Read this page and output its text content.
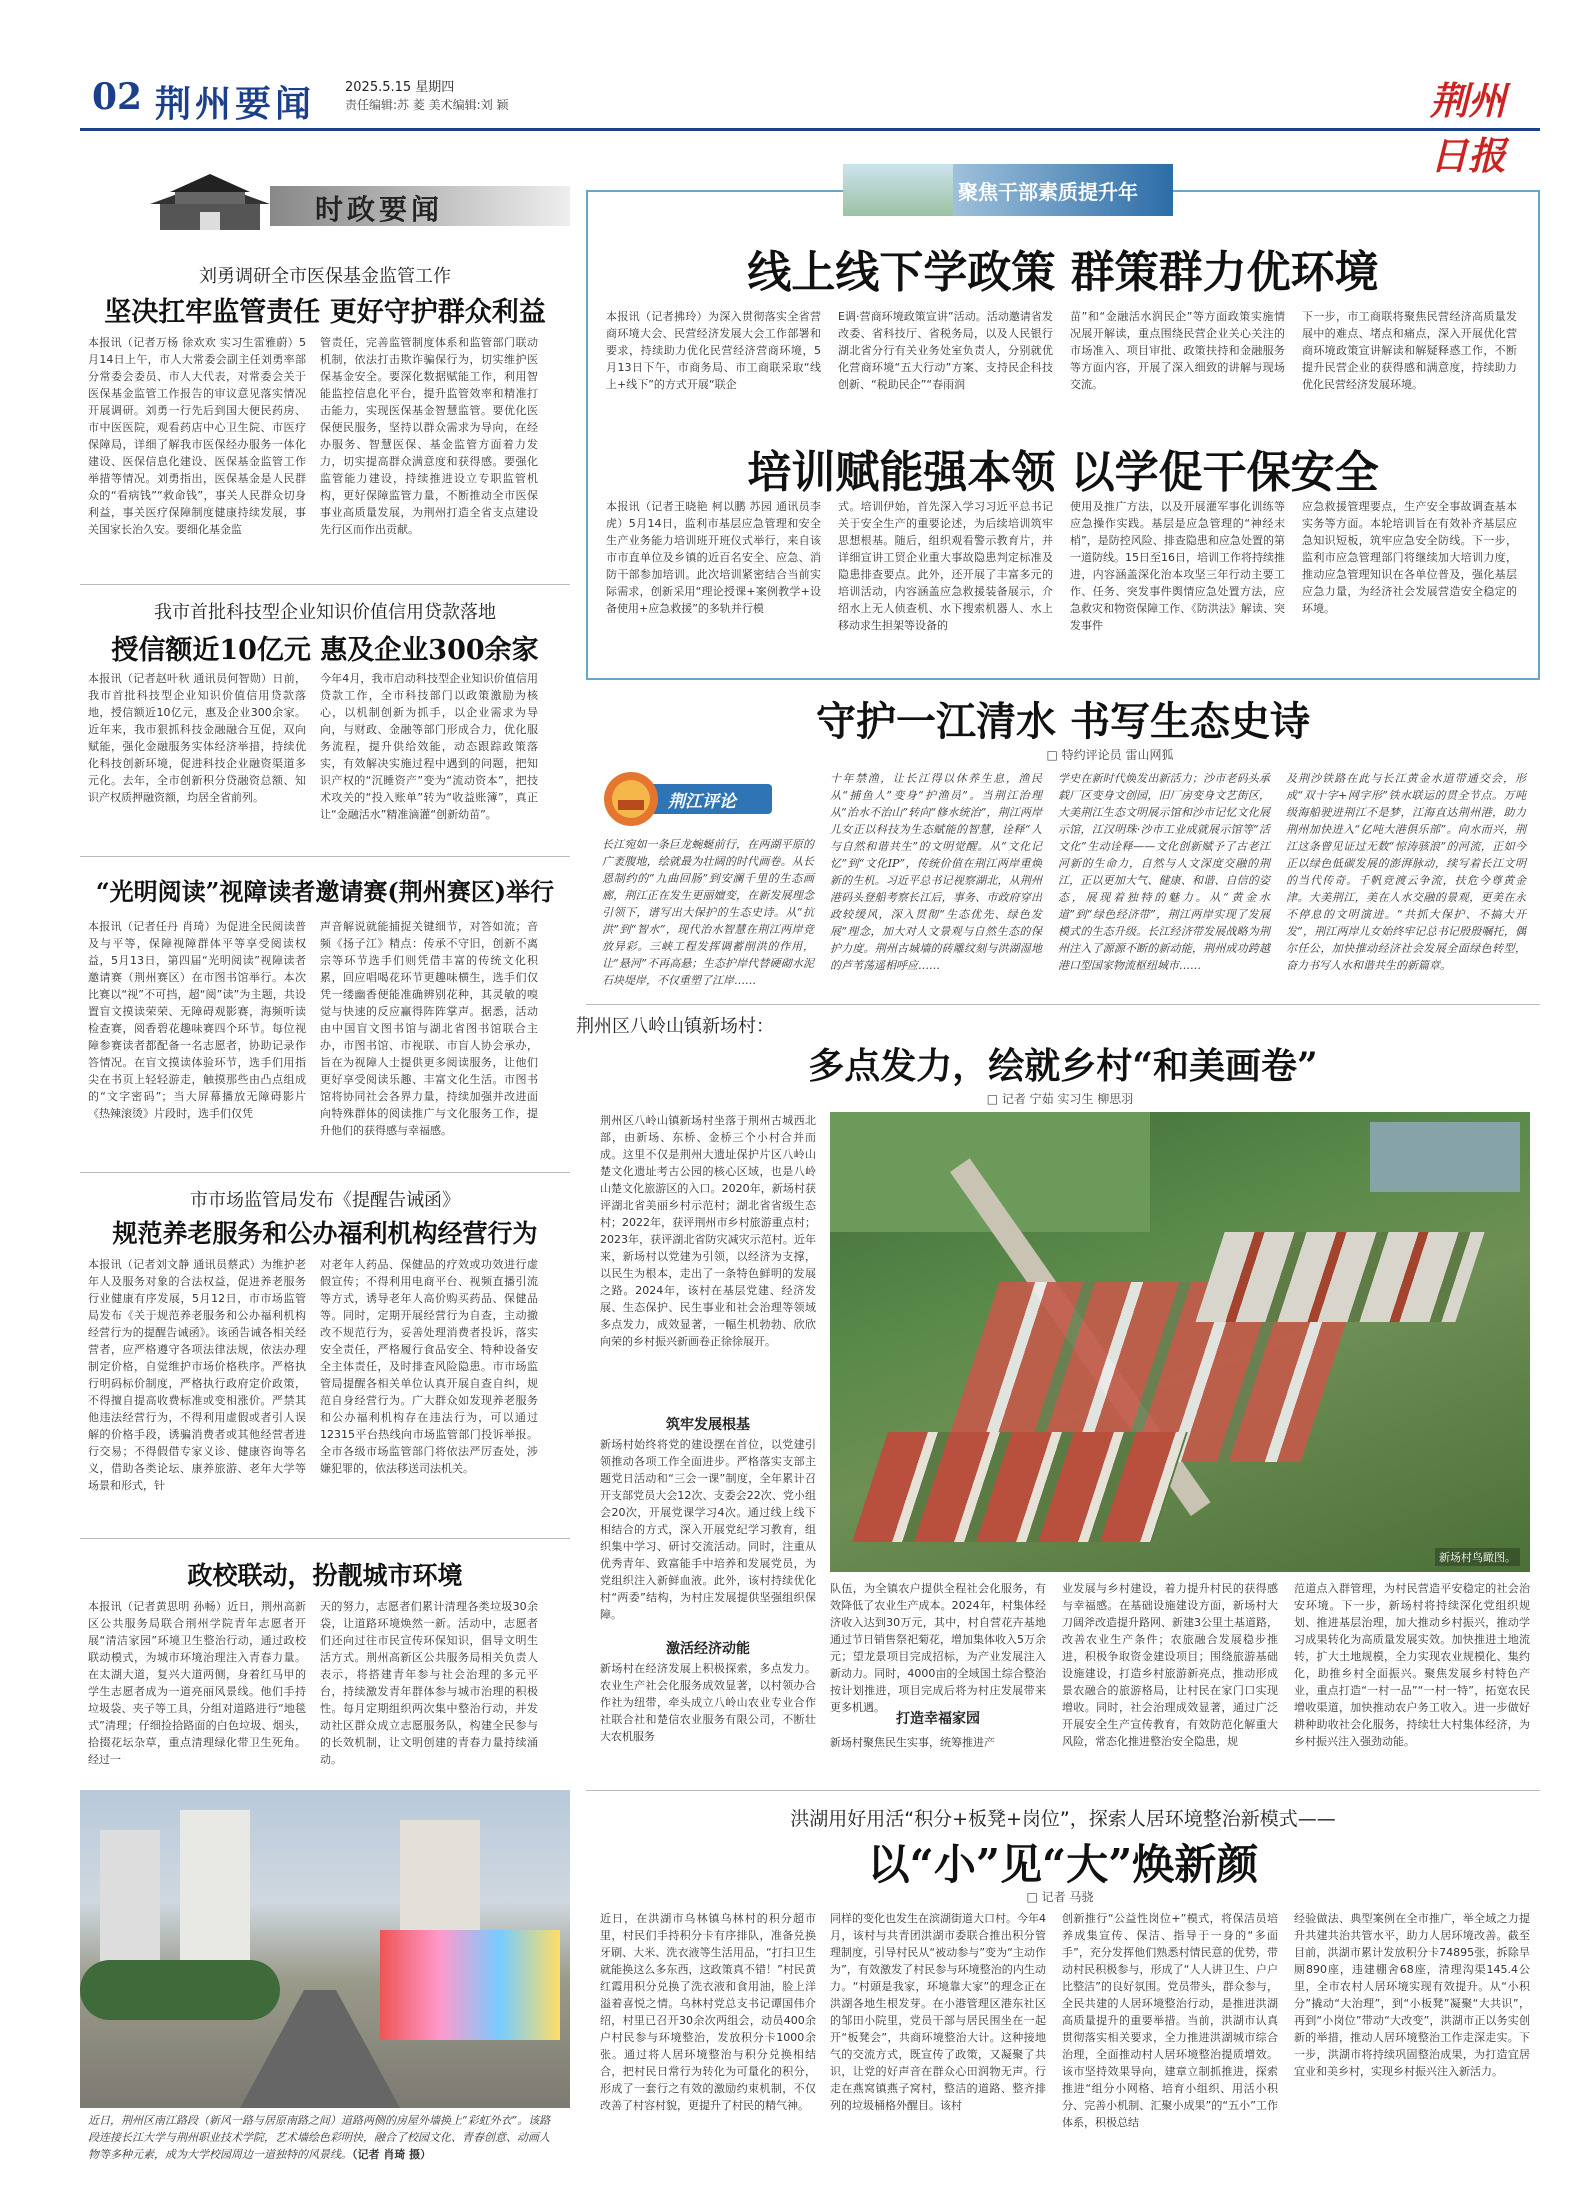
02 荆州要闻 2025.5.15 星期四
责任编辑:苏 菱 美术编辑:刘 颖	荆州日报
时政要闻
刘勇调研全市医保基金监管工作
坚决扛牢监管责任 更好守护群众利益
本报讯（记者万杨 徐欢欢 实习生雷雅蔚）5月14日上午，市人大常委会副主任刘勇率部分常委会委员、市人大代表，对常委会关于医保基金监管工作报告的审议意见落实情况开展调研。刘勇一行先后到国大便民药房、市中医医院，观看药店中心卫生院、市医疗保障局，详细了解我市医保经办服务一体化建设、医保信息化建设、医保基金监管工作举措等情况。刘勇指出，医保基金是人民群众的“看病钱”“救命钱”，事关人民群众切身利益，事关医疗保障制度健康持续发展，事关国家长治久安。要细化基金监
管责任，完善监管制度体系和监管部门联动机制，依法打击欺诈骗保行为，切实维护医保基金安全。要深化数据赋能工作，利用智能监控信息化平台，提升监管效率和精准打击能力，实现医保基金智慧监管。要优化医保便民服务，坚持以群众需求为导向，在经办服务、智慧医保、基金监管方面着力发力，切实提高群众满意度和获得感。要强化监管能力建设，持续推进设立专职监管机构，更好保障监管力量，不断推动全市医保事业高质量发展，为荆州打造全省支点建设先行区而作出贡献。
我市首批科技型企业知识价值信用贷款落地
授信额近10亿元 惠及企业300余家
本报讯（记者赵叶秋 通讯员何智勋）日前，我市首批科技型企业知识价值信用贷款落地，授信额近10亿元，惠及企业300余家。近年来，我市狠抓科技金融融合互促，双向赋能，强化金融服务实体经济举措，持续优化科技创新环境，促进科技企业融资渠道多元化。去年，全市创新积分贷融资总额、知识产权质押融资额，均居全省前列。
今年4月，我市启动科技型企业知识价值信用贷款工作，全市科技部门以政策激励为核心，以机制创新为抓手，以企业需求为导向，与财政、金融等部门形成合力，优化服务流程，提升供给效能，动态跟踪政策落实，有效解决实施过程中遇到的问题，把知识产权的“沉睡资产”变为“流动资本”，把技术攻关的“投入账单”转为“收益账簿”，真正让“金融活水”精准滴灌“创新幼苗”。
“光明阅读”视障读者邀请赛(荆州赛区)举行
本报讯（记者任丹 肖琦）为促进全民阅读普及与平等，保障视障群体平等享受阅读权益，5月13日，第四届“光明阅读”视障读者邀请赛（荆州赛区）在市图书馆举行。本次比赛以“视”不可挡，超“阅”读”为主题，共设置盲文摸读荣荣、无障碍观影赛，海频听读检查赛，阅香碧花趣味赛四个环节。每位视障参赛读者都配备一名志愿者，协助记录作答情况。在盲文摸读体验环节，选手们用指尖在书页上轻轻游走，触摸那些由凸点组成的“文字密码”；当大屏幕播放无障碍影片《热辣滚烫》片段时，选手们仅凭
声音解说就能捕捉关键细节，对答如流；音频《扬子江》精点：传承不守旧，创新不离宗等环节选手们则凭借丰富的传统文化积累，回应唱喝花环节更趣味横生，选手们仅凭一缕幽香便能准确辨别花种，其灵敏的嗅觉与快速的反应赢得阵阵掌声。据悉，活动由中国盲文图书馆与湖北省图书馆联合主办，市图书馆、市视联、市盲人协会承办，旨在为视障人士提供更多阅读服务，让他们更好享受阅读乐趣、丰富文化生活。市图书馆将协同社会各界力量，持续加强并改进面向特殊群体的阅读推广与文化服务工作，提升他们的获得感与幸福感。
市市场监管局发布《提醒告诫函》
规范养老服务和公办福利机构经营行为
本报讯（记者刘文静 通讯员蔡武）为维护老年人及服务对象的合法权益，促进养老服务行业健康有序发展，5月12日，市市场监管局发布《关于规范养老服务和公办福利机构经营行为的提醒告诫函》。该函告诫各相关经营者，应严格遵守各项法律法规，依法办理制定价格，自觉维护市场价格秩序。严格执行明码标价制度，严格执行政府定价政策，不得擅自提高收费标准或变相涨价。严禁其他违法经营行为，不得利用虚假或者引人误解的价格手段，诱骗消费者或其他经营者进行交易；不得假借专家义诊、健康咨询等名义，借助各类论坛、康养旅游、老年大学等场景和形式，针
对老年人药品、保健品的疗效或功效进行虚假宣传；不得利用电商平台、视频直播引流等方式，诱导老年人高价购买药品、保健品等。同时，定期开展经营行为自查，主动撤改不规范行为，妥善处理消费者投诉，落实安全责任，严格履行食品安全、特种设备安全主体责任，及时排查风险隐患。市市场监管局提醒各相关单位认真开展自查自纠，规范自身经营行为。广大群众如发现养老服务和公办福利机构存在违法行为，可以通过12315平台热线向市场监管部门投诉举报。全市各级市场监管部门将依法严厉查处，涉嫌犯罪的，依法移送司法机关。
政校联动，扮靓城市环境
本报讯（记者黄思明 孙畅）近日，荆州高新区公共服务局联合荆州学院青年志愿者开展“清洁家园”环境卫生整治行动，通过政校联动模式，为城市环境治理注入青春力量。在太湖大道，复兴大道两侧，身着红马甲的学生志愿者成为一道亮丽风景线。他们手持垃圾袋、夹子等工具，分组对道路进行“地毯式”清理；仔细捡拾路面的白色垃圾、烟头，拾掇花坛杂草，重点清理绿化带卫生死角。经过一
天的努力，志愿者们累计清理各类垃圾30余袋，让道路环境焕然一新。活动中，志愿者们还向过往市民宣传环保知识，倡导文明生活方式。荆州高新区公共服务局相关负责人表示，将搭建青年参与社会治理的多元平台，持续激发青年群体参与城市治理的积极性。每月定期组织两次集中整治行动，并发动社区群众成立志愿服务队，构建全民参与的长效机制，让文明创建的青春力量持续涌动。
近日，荆州区南江路段（新风一路与居原南路之间）道路两侧的房屋外墙换上“彩虹外衣”。该路段连接长江大学与荆州职业技术学院，艺术墙绘色彩明快，融合了校园文化、青春创意、动画人物等多种元素，成为大学校园周边一道独特的风景线。（记者 肖琦 摄）
聚焦干部素质提升年
线上线下学政策 群策群力优环境
本报讯（记者拂玲）为深入贯彻落实全省营商环境大会、民营经济发展大会工作部署和要求，持续助力优化民营经济营商环境，5月13日下午，市商务局、市工商联采取“线上+线下”的方式开展“联企
E调·营商环境政策宣讲”活动。活动邀请省发改委、省科技厅、省税务局，以及人民银行湖北省分行有关业务处室负责人，分别就优化营商环境“五大行动”方案、支持民企科技创新、“税助民企”“春雨润
苗”和“金融活水润民企”等方面政策实施情况展开解读，重点围绕民营企业关心关注的市场准入、项目审批、政策扶持和金融服务等方面内容，开展了深入细致的讲解与现场交流。
下一步，市工商联将聚焦民营经济高质量发展中的难点、堵点和痛点，深入开展优化营商环境政策宣讲解读和解疑释惑工作，不断提升民营企业的获得感和满意度，持续助力优化民营经济发展环境。
培训赋能强本领 以学促干保安全
本报讯（记者王晓艳 柯以鹏 苏园 通讯员李虎）5月14日，监利市基层应急管理和安全生产业务能力培训班开班仪式举行，来自该市市直单位及乡镇的近百名安全、应急、消防干部参加培训。此次培训紧密结合当前实际需求，创新采用“理论授课+案例教学+设备使用+应急救援”的多轨并行模
式。培训伊始，首先深入学习习近平总书记关于安全生产的重要论述，为后续培训筑牢思想根基。随后，组织观看警示教育片，并详细宣讲工贸企业重大事故隐患判定标准及隐患排查要点。此外，还开展了丰富多元的培训活动，内容涵盖应急救援装备展示，介绍水上无人侦查机、水下搜索机器人、水上移动求生担架等设备的
使用及推广方法，以及开展灌军事化训练等应急操作实践。基层是应急管理的“神经末梢”，是防控风险、排查隐患和应急处置的第一道防线。15日至16日，培训工作将持续推进，内容涵盖深化治本攻坚三年行动主要工作、任务、突发事件舆情应急处置方法，应急救灾和物资保障工作、《防洪法》解读、突发事件
应急救援管理要点，生产安全事故调查基本实务等方面。本轮培训旨在有效补齐基层应急知识短板，筑牢应急安全防线。下一步，监利市应急管理部门将继续加大培训力度，推动应急管理知识在各单位普及，强化基层应急力量，为经济社会发展营造安全稳定的环境。
守护一江清水 书写生态史诗
□ 特约评论员 雷山网狐
荆江评论
长江宛如一条巨龙蜿蜒前行，在两湖平原的广袤腹地，绘就最为壮阔的时代画卷。从长恩制约的“九曲回肠”到安澜千里的生态画廊，荆江正在发生更丽嬗变，在新发展理念引领下，谱写出大保护的生态史诗。从“抗洪”到“智水”，现代治水智慧在荆江两岸竞放异彩。三峡工程发挥调蓄削洪的作用，让“悬河”不再高悬；生态护岸代替硬砌水泥石块堤岸，不仅重塑了江岸……
十年禁渔，让长江得以休养生息，渔民从“捕鱼人”变身“护渔员”。当荆江治理从“治水不治山”转向“修水统治”，荆江两岸儿女正以科技为生态赋能的智慧，诠释“人与自然和谐共生”的文明觉醒。从“文化记忆”到“文化IP”，传统价值在荆江两岸重焕新的生机。习近平总书记视察湖北，从荆州港码头登船考察长江后，事务、市政府穿出政较缓风，深入贯彻“生态优先、绿色发展”理念，加大对人文景观与自然生态的保护力度。荆州古城墙的砖雕纹刻与洪湖湿地的芦苇荡遥相呼应……
学史在新时代焕发出新活力；沙市老码头承载厂区变身文创园，旧厂房变身文艺街区，大美荆江生态文明展示馆和沙市记忆文化展示馆，江汉明珠·沙市工业成就展示馆等“活文化”生动诠释——文化创新赋予了古老江河新的生命力，自然与人文深度交融的荆江，正以更加大气、健康、和谐、自信的姿态，展现着独特的魅力。从“黄金水道”到“绿色经济带”，荆江两岸实现了发展模式的生态升级。长江经济带发展战略为荆州注入了源源不断的新动能，荆州成功跨越港口型国家物流枢纽城市……
及荆沙铁路在此与长江黄金水道带通交会，形成“双十字+网字形”铁水联运的贯全节点。万吨级海船驶进荆江不是梦，江海直达荆州港，助力荆州加快进入“亿吨大港俱乐部”。向水而兴，荆江这条曾见证过无数“惊涛骇浪”的河流，正如今正以绿色低碳发展的澎湃脉动，续写着长江文明的当代传奇。千帆竞渡云争流，扶危今尊黄金津。大美荆江，美在人水交融的景观，更美在永不停息的文明演进。“共抓大保护、不搞大开发”，荆江两岸儿女始终牢记总书记殷殷嘱托，偶尔任公，加快推动经济社会发展全面绿色转型，奋力书写人水和谐共生的新篇章。
荆州区八岭山镇新场村：
多点发力，绘就乡村“和美画卷”
□ 记者 宁茹 实习生 柳思羽
荆州区八岭山镇新场村坐落于荆州古城西北部，由新场、东桥、金桥三个小村合并而成。这里不仅是荆州大遗址保护片区八岭山楚文化遗址考古公园的核心区域，也是八岭山楚文化旅游区的入口。2020年，新场村获评湖北省美丽乡村示范村；湖北省省级生态村；2022年，获评荆州市乡村旅游重点村；2023年，获评湖北省防灾减灾示范村。近年来，新场村以党建为引领，以经济为支撑，以民生为根本，走出了一条特色鲜明的发展之路。2024年，该村在基层党建、经济发展、生态保护、民生事业和社会治理等领域多点发力，成效显著，一幅生机勃勃、欣欣向荣的乡村振兴新画卷正徐徐展开。
筑牢发展根基
新场村始终将党的建设摆在首位，以党建引领推动各项工作全面进步。严格落实支部主题党日活动和“三会一课”制度，全年累计召开支部党员大会12次、支委会22次、党小组会20次，开展党课学习4次。通过线上线下相结合的方式，深入开展党纪学习教育，组织集中学习、研讨交流活动。同时，注重从优秀青年、致富能手中培养和发展党员，为党组织注入新鲜血液。此外，该村持续优化村“两委”结构，为村庄发展提供坚强组织保障。
激活经济动能
新场村在经济发展上积极探索，多点发力。农业生产社会化服务成效显著，以村领办合作社为纽带，牵头成立八岭山农业专业合作社联合社和楚信农业服务有限公司，不断壮大农机服务
新场村鸟瞰图。
队伍，为全镇农户提供全程社会化服务，有效降低了农业生产成本。2024年，村集体经济收入达到30万元，其中，村自营花卉基地通过节日销售祭祀菊花，增加集体收入5万余元；望龙景项目完成招标，为产业发展注入新动力。同时，4000亩的全域国土综合整治按计划推进，项目完成后将为村庄发展带来更多机遇。
打造幸福家园
新场村聚焦民生实事，统筹推进产
业发展与乡村建设，着力提升村民的获得感与幸福感。在基础设施建设方面，新场村大刀阔斧改造提升路网、新建3公里土基道路，改善农业生产条件；农旅融合发展稳步推进，积极争取资金建设项目；围绕旅游基础设施建设，打造乡村旅游新亮点，推动形成景农融合的旅游格局，让村民在家门口实现增收。同时，社会治理成效显著，通过广泛开展安全生产宣传教育，有效防范化解重大风险，常态化推进整治安全隐患，规
范道点入群管理，为村民营造平安稳定的社会治安环境。下一步，新场村将持续深化党组织规划、推进基层治理，加大推动乡村振兴，推动学习成果转化为高质量发展实效。加快推进土地流转，扩大土地规模，全力实现农业规模化、集约化，助推乡村全面振兴。聚焦发展乡村特色产业，重点打造“一村一品”“一村一特”，拓宽农民增收渠道，加快推动农户务工收入。进一步做好耕种助收社会化服务，持续壮大村集体经济，为乡村振兴注入强劲动能。
洪湖用好用活“积分+板凳+岗位”，探索人居环境整治新模式——
以“小”见“大”焕新颜
□ 记者 马骁
近日，在洪湖市乌林镇乌林村的积分超市里，村民们手持积分卡有序排队，准备兑换牙刷、大米、洗衣液等生活用品，“打扫卫生就能换这么多东西，这政策真不错！”村民黄红霞用积分兑换了洗衣液和食用油，脸上洋溢着喜悦之情。乌林村党总支书记谭国伟介绍，村里已召开30余次两组会，动员400余户村民参与环境整治，发放积分卡1000余张。通过将人居环境整治与积分兑换相结合，把村民日常行为转化为可量化的积分，形成了一套行之有效的激励约束机制，不仅改善了村容村貌，更提升了村民的精气神。
同样的变化也发生在滨湖街道大口村。今年4月，该村与共青团洪湖市委联合推出积分管理制度，引导村民从“被动参与”变为“主动作为”，有效激发了村民参与环境整治的内生动力。“村頭是我家，环境靠大家”的理念正在洪湖各地生根发芽。在小港管理区港东社区的邹田小院里，党员干部与居民围坐在一起开“板凳会”，共商环境整治大计。这种接地气的交流方式，既宣传了政策，又凝聚了共识，让党的好声音在群众心田润物无声。行走在燕窝镇燕子窝村，整洁的道路、整齐排列的垃圾桶格外醒目。该村
创新推行“公益性岗位+”模式，将保洁员培养成集宣传、保洁、指导于一身的“多面手”，充分发挥他们熟悉村情民意的优势，带动村民积极参与，形成了“人人讲卫生、户户比整洁”的良好氛围。党员带头，群众参与，全民共建的人居环境整治行动，是推进洪湖高质量提升的重要举措。当前，洪湖市认真贯彻落实相关要求，全力推进洪湖城市综合治理，全面推动村人居环境整治提质增效。该市坚持效果导向，建章立制抓推进，探索推进“组分小网格、培育小组织、用活小积分、完善小机制、汇聚小成果”的“五小”工作体系，积极总结
经验做法、典型案例在全市推广，举全域之力提升共建共治共管水平，助力人居环境改善。截至目前，洪湖市累计发放积分卡74895张，拆除旱厕890座，违建棚舍68座，清理沟渠145.4公里，全市农村人居环境实现有效提升。从“小积分”撬动“大治理”，到“小板凳”凝聚“大共识”，再到“小岗位”带动“大改变”，洪湖市正以务实创新的举措，推动人居环境整治工作走深走实。下一步，洪湖市将持续巩固整治成果，为打造宜居宜业和美乡村，实现乡村振兴注入新活力。
